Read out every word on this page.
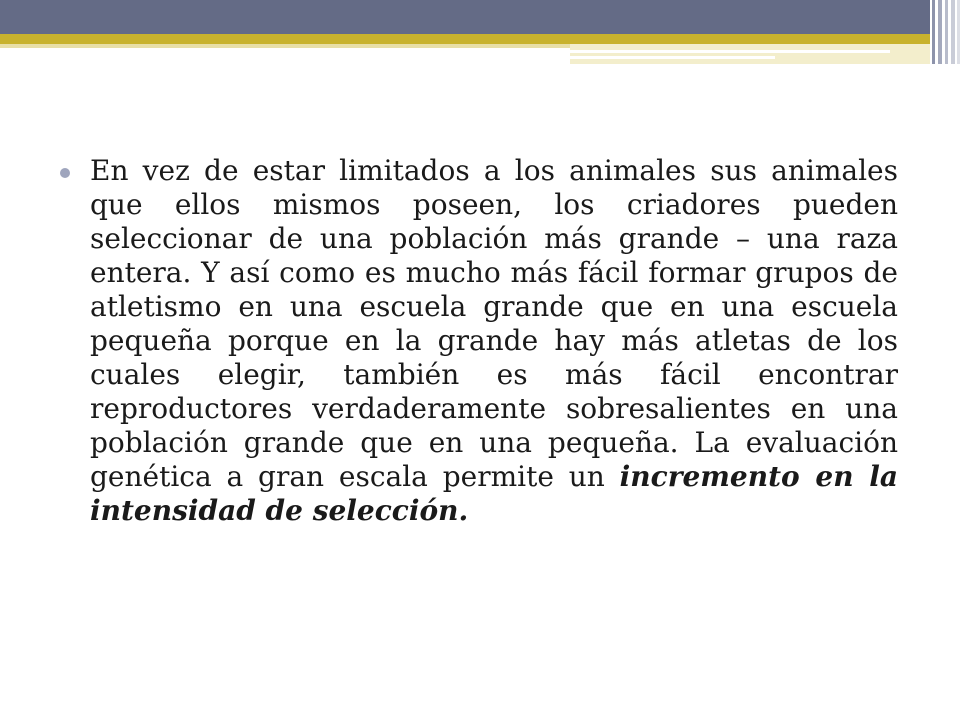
En vez de estar limitados a los animales sus animales que ellos mismos poseen, los criadores pueden seleccionar de una población más grande – una raza entera. Y así como es mucho más fácil formar grupos de atletismo en una escuela grande que en una escuela pequeña porque en la grande hay más atletas de los cuales elegir, también es más fácil encontrar reproductores verdaderamente sobresalientes en una población grande que en una pequeña. La evaluación genética a gran escala permite un incremento en la intensidad de selección.
